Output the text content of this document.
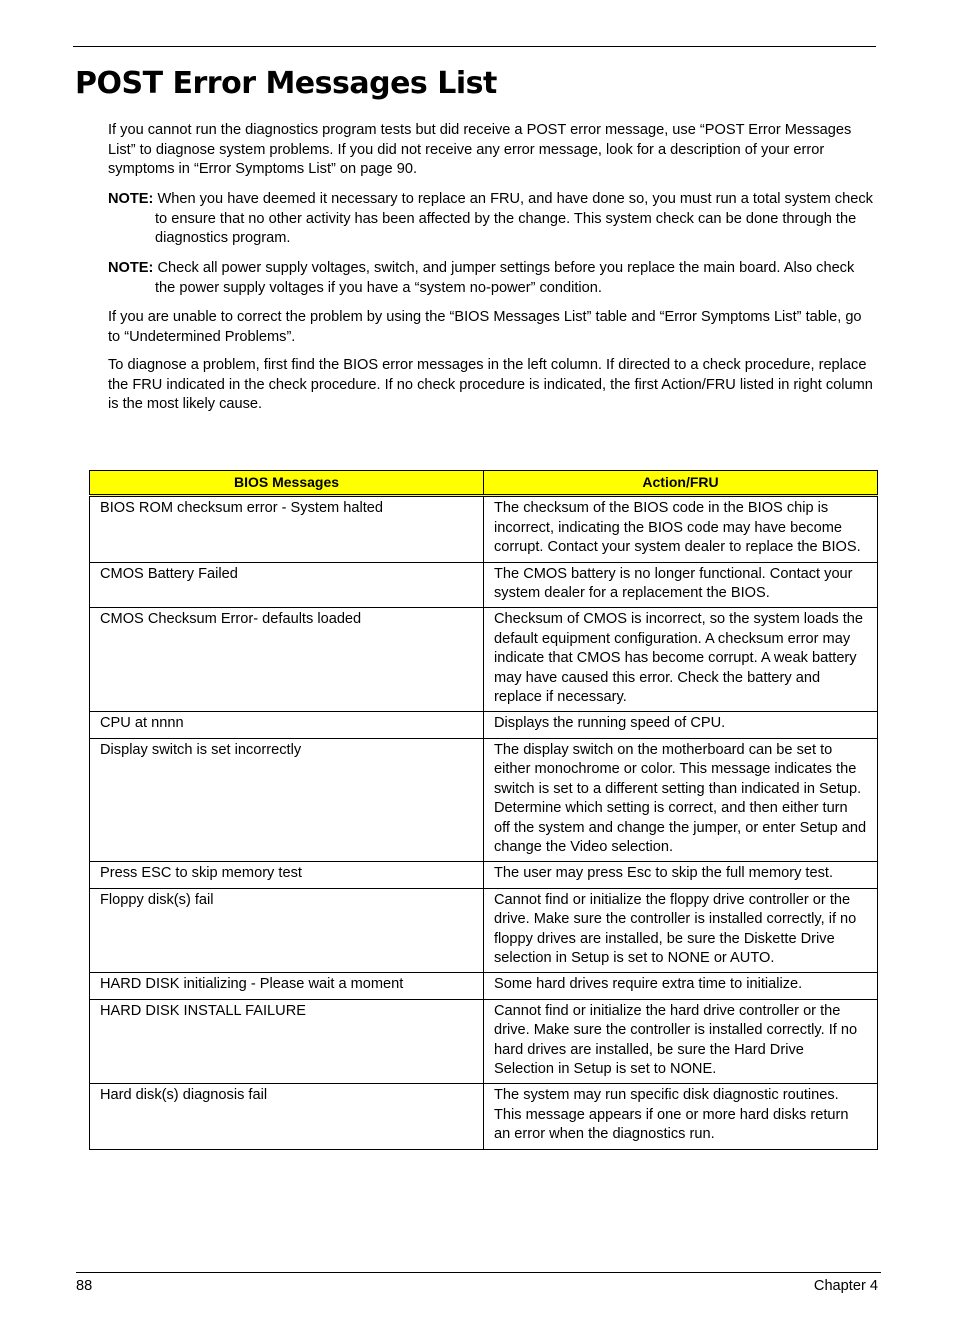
POST Error Messages List

If you cannot run the diagnostics program tests but did receive a POST error message, use “POST Error Messages List” to diagnose system problems. If you did not receive any error message, look for a description of your error symptoms in “Error Symptoms List” on page 90.

NOTE: When you have deemed it necessary to replace an FRU, and have done so, you must run a total system check to ensure that no other activity has been affected by the change. This system check can be done through the diagnostics program.

NOTE: Check all power supply voltages, switch, and jumper settings before you replace the main board. Also check the power supply voltages if you have a “system no-power” condition.

If you are unable to correct the problem by using the “BIOS Messages List” table and “Error Symptoms List” table, go to “Undetermined Problems”.

To diagnose a problem, first find the BIOS error messages in the left column. If directed to a check procedure, replace the FRU indicated in the check procedure. If no check procedure is indicated, the first Action/FRU listed in right column is the most likely cause.

BIOS Messages	Action/FRU
BIOS ROM checksum error - System halted	The checksum of the BIOS code in the BIOS chip is incorrect, indicating the BIOS code may have become corrupt. Contact your system dealer to replace the BIOS.
CMOS Battery Failed	The CMOS battery is no longer functional. Contact your system dealer for a replacement the BIOS.
CMOS Checksum Error- defaults loaded	Checksum of CMOS is incorrect, so the system loads the default equipment configuration. A checksum error may indicate that CMOS has become corrupt. A weak battery may have caused this error. Check the battery and replace if necessary.
CPU at nnnn	Displays the running speed of CPU.
Display switch is set incorrectly	The display switch on the motherboard can be set to either monochrome or color. This message indicates the switch is set to a different setting than indicated in Setup. Determine which setting is correct, and then either turn off the system and change the jumper, or enter Setup and change the Video selection.
Press ESC to skip memory test	The user may press Esc to skip the full memory test.
Floppy disk(s) fail	Cannot find or initialize the floppy drive controller or the drive. Make sure the controller is installed correctly, if no floppy drives are installed, be sure the Diskette Drive selection in Setup is set to NONE or AUTO.
HARD DISK initializing - Please wait a moment	Some hard drives require extra time to initialize.
HARD DISK INSTALL FAILURE	Cannot find or initialize the hard drive controller or the drive. Make sure the controller is installed correctly. If no hard drives are installed, be sure the Hard Drive Selection in Setup is set to NONE.
Hard disk(s) diagnosis fail	The system may run specific disk diagnostic routines. This message appears if one or more hard disks return an error when the diagnostics run.
88	Chapter 4
